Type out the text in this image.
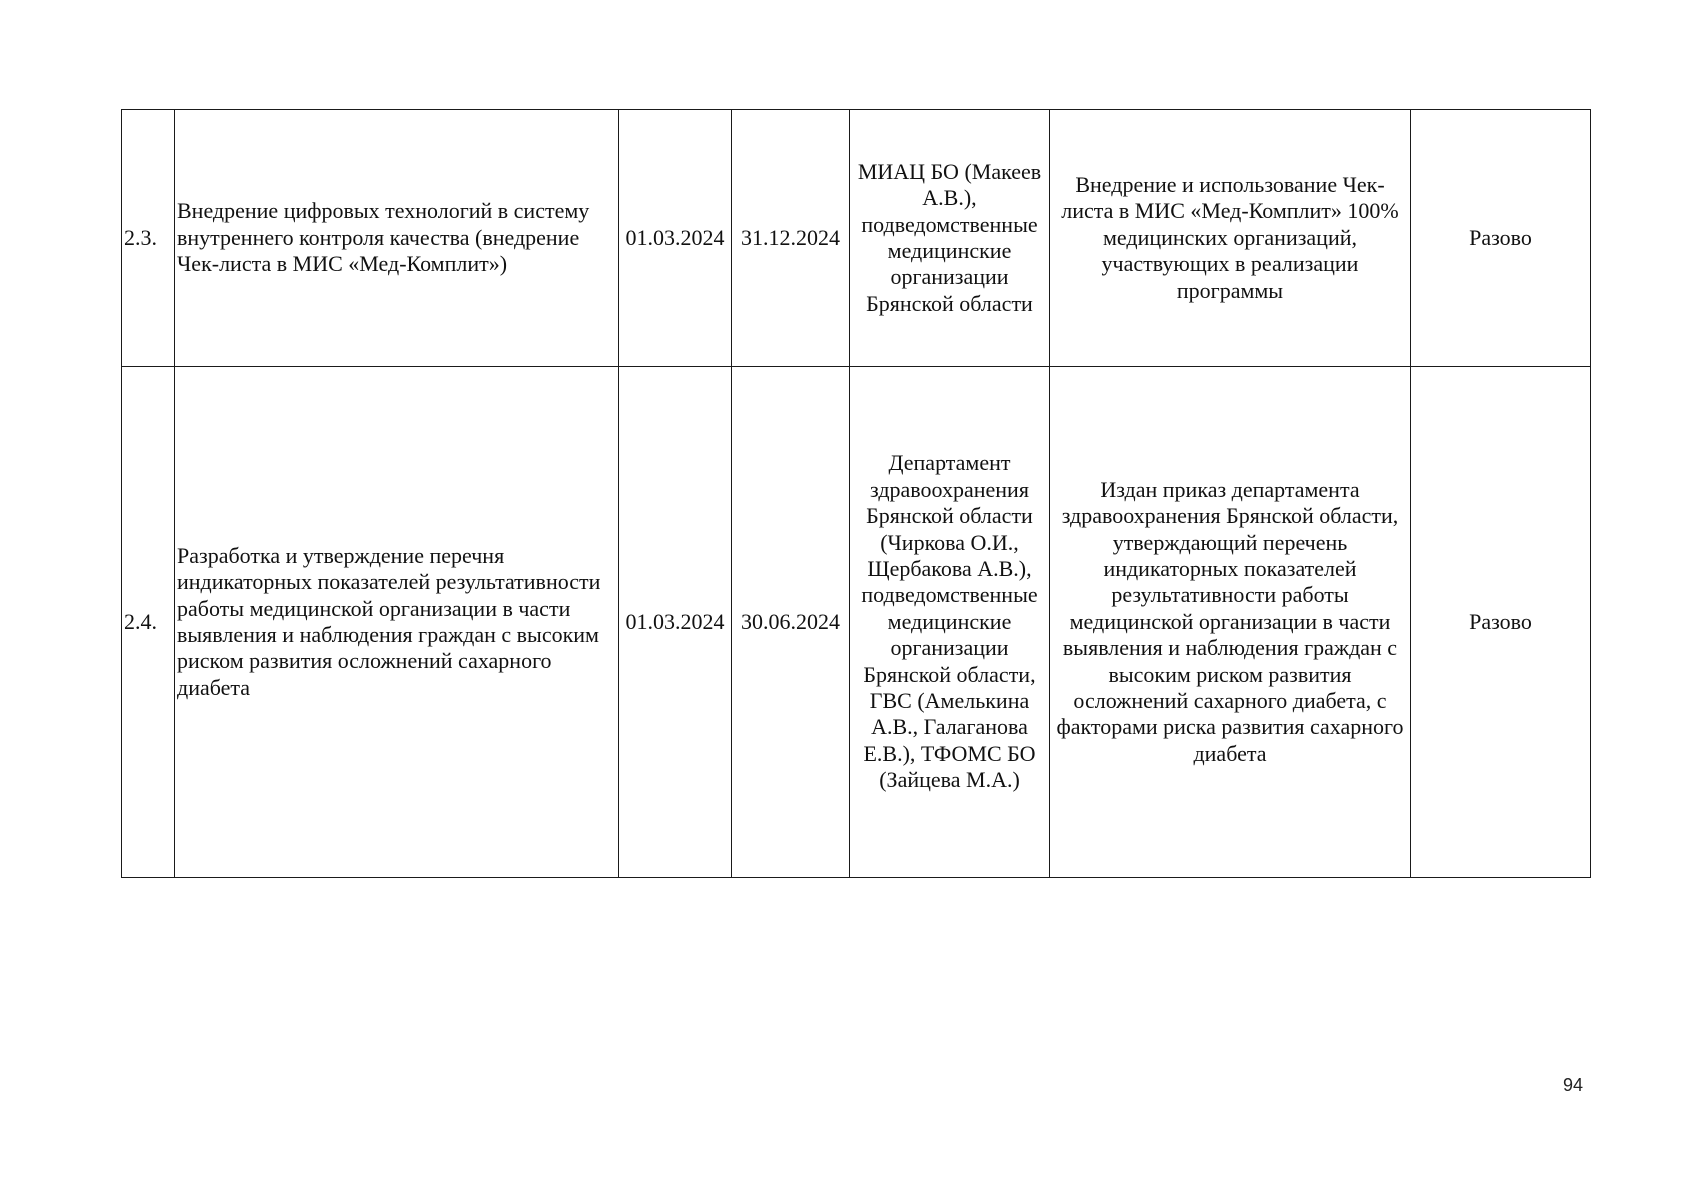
2.3.	Внедрение цифровых технологий в систему внутреннего контроля качества (внедрение Чек-листа в МИС «Мед-Комплит»)	01.03.2024	31.12.2024	МИАЦ БО (Макеев А.В.), подведомственные медицинские организации Брянской области	Внедрение и использование Чек-листа в МИС «Мед-Комплит» 100% медицинских организаций, участвующих в реализации программы	Разово
2.4.	Разработка и утверждение перечня индикаторных показателей результативности работы медицинской организации в части выявления и наблюдения граждан с высоким риском развития осложнений сахарного диабета	01.03.2024	30.06.2024	Департамент здравоохранения Брянской области (Чиркова О.И., Щербакова А.В.), подведомственные медицинские организации Брянской области, ГВС (Амелькина А.В., Галаганова Е.В.), ТФОМС БО (Зайцева М.А.)	Издан приказ департамента здравоохранения Брянской области, утверждающий перечень индикаторных показателей результативности работы медицинской организации в части выявления и наблюдения граждан с высоким риском развития осложнений сахарного диабета, с факторами риска развития сахарного диабета	Разово
94
